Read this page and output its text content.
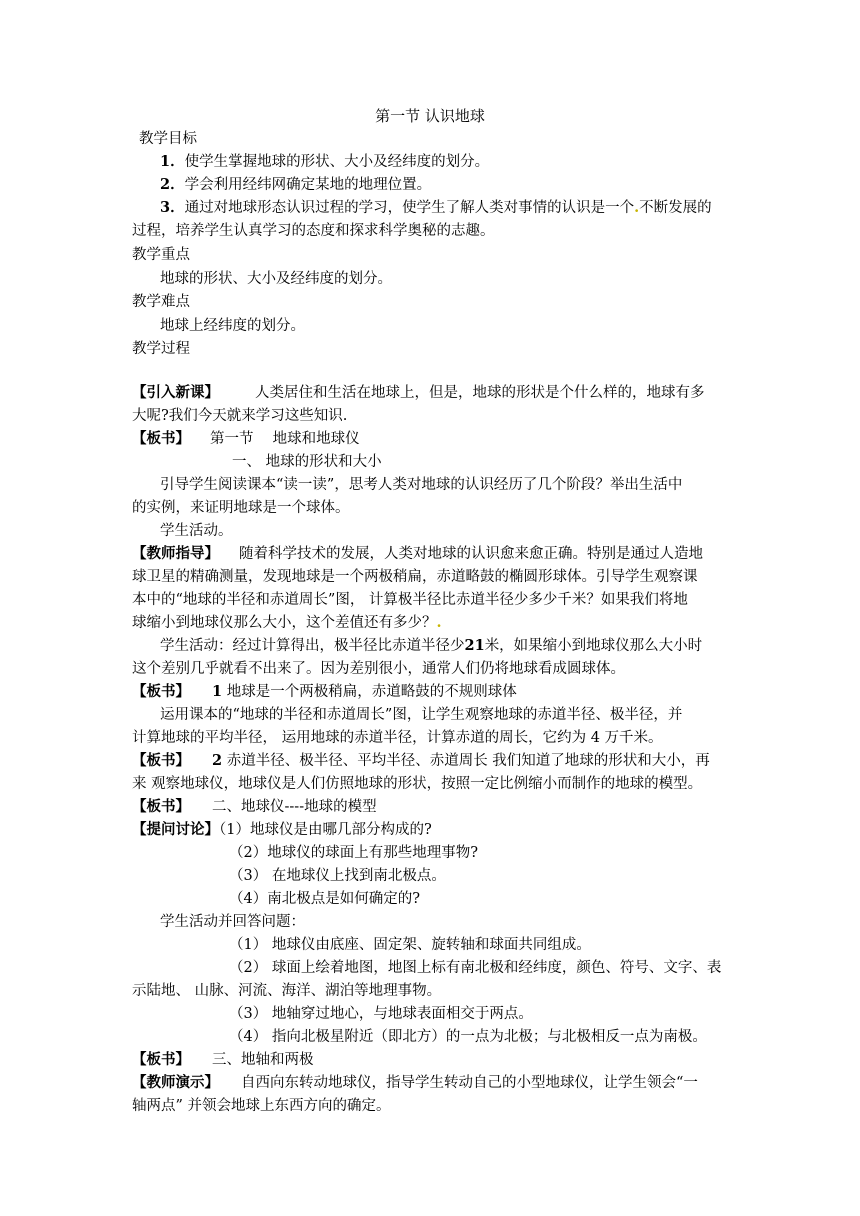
第一节 认识地球
教学目标
1．使学生掌握地球的形状、大小及经纬度的划分。
2．学会利用经纬网确定某地的地理位置。
3．通过对地球形态认识过程的学习，使学生了解人类对事情的认识是一个.不断发展的
过程，培养学生认真学习的态度和探求科学奥秘的志趣。
教学重点
地球的形状、大小及经纬度的划分。
教学难点
地球上经纬度的划分。
教学过程
【引入新课】 人类居住和生活在地球上，但是，地球的形状是个什么样的，地球有多
大呢?我们今天就来学习这些知识.
【板书】 第一节　 地球和地球仪
一、 地球的形状和大小
引导学生阅读课本“读一读”，思考人类对地球的认识经历了几个阶段？举出生活中
的实例，来证明地球是一个球体。
学生活动。
【教师指导】 随着科学技术的发展，人类对地球的认识愈来愈正确。特别是通过人造地
球卫星的精确测量，发现地球是一个两极稍扁，赤道略鼓的椭圆形球体。引导学生观察课
本中的“地球的半径和赤道周长”图， 计算极半径比赤道半径少多少千米？如果我们将地
球缩小到地球仪那么大小，这个差值还有多少？.
学生活动：经过计算得出，极半径比赤道半径少21米，如果缩小到地球仪那么大小时
这个差别几乎就看不出来了。因为差别很小，通常人们仍将地球看成圆球体。
【板书】 1 地球是一个两极稍扁，赤道略鼓的不规则球体
运用课本的“地球的半径和赤道周长”图，让学生观察地球的赤道半径、极半径，并
计算地球的平均半径， 运用地球的赤道半径，计算赤道的周长，它约为 4 万千米。
【板书】 2 赤道半径、极半径、平均半径、赤道周长 我们知道了地球的形状和大小，再
来 观察地球仪，地球仪是人们仿照地球的形状，按照一定比例缩小而制作的地球的模型。
【板书】 二、地球仪----地球的模型
【提问讨论】（1）地球仪是由哪几部分构成的?
（2）地球仪的球面上有那些地理事物?
（3） 在地球仪上找到南北极点。
（4）南北极点是如何确定的?
学生活动并回答问题：
（1） 地球仪由底座、固定架、旋转轴和球面共同组成。
（2） 球面上绘着地图，地图上标有南北极和经纬度，颜色、符号、文字、表
示陆地、 山脉、河流、海洋、湖泊等地理事物。
（3） 地轴穿过地心，与地球表面相交于两点。
（4） 指向北极星附近（即北方）的一点为北极；与北极相反一点为南极。
【板书】 三、地轴和两极
【教师演示】 自西向东转动地球仪，指导学生转动自己的小型地球仪，让学生领会“一
轴两点” 并领会地球上东西方向的确定。
